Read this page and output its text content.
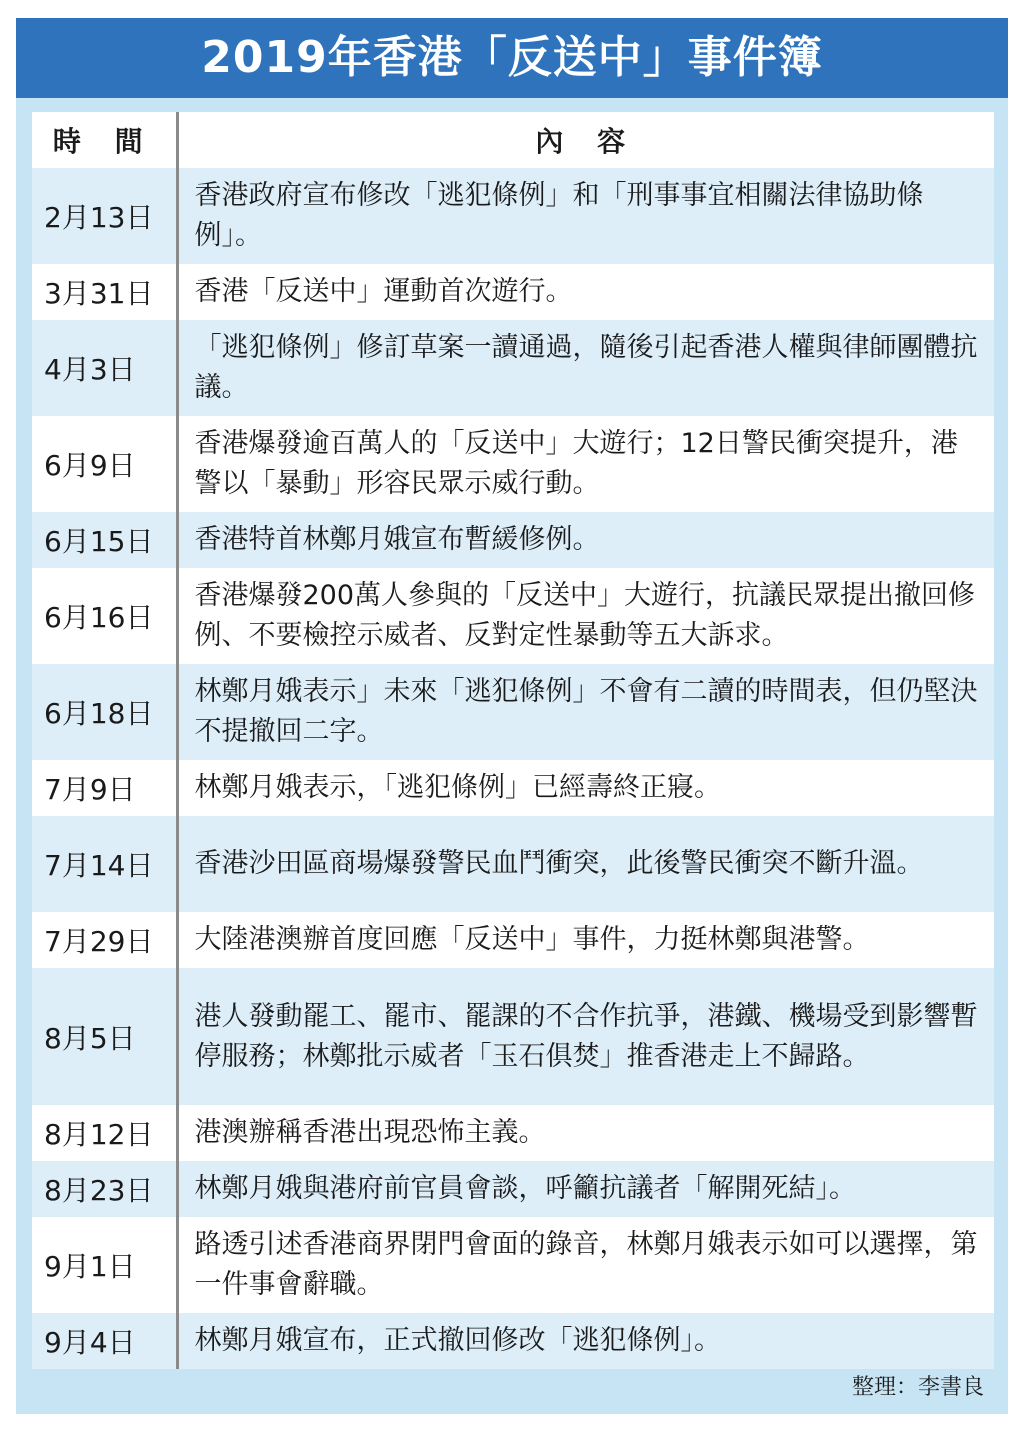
2019年香港「反送中」事件簿
時 間	內 容
2月13日	香港政府宣布修改「逃犯條例」和「刑事事宜相關法律協助條例」。
3月31日	香港「反送中」運動首次遊行。
4月3日	「逃犯條例」修訂草案一讀通過，隨後引起香港人權與律師團體抗議。
6月9日	香港爆發逾百萬人的「反送中」大遊行；12日警民衝突提升，港警以「暴動」形容民眾示威行動。
6月15日	香港特首林鄭月娥宣布暫緩修例。
6月16日	香港爆發200萬人參與的「反送中」大遊行，抗議民眾提出撤回修例、不要檢控示威者、反對定性暴動等五大訴求。
6月18日	林鄭月娥表示」未來「逃犯條例」不會有二讀的時間表，但仍堅決不提撤回二字。
7月9日	林鄭月娥表示，「逃犯條例」已經壽終正寢。
7月14日	香港沙田區商場爆發警民血鬥衝突，此後警民衝突不斷升溫。
7月29日	大陸港澳辦首度回應「反送中」事件，力挺林鄭與港警。
8月5日	港人發動罷工、罷市、罷課的不合作抗爭，港鐵、機場受到影響暫停服務；林鄭批示威者「玉石俱焚」推香港走上不歸路。
8月12日	港澳辦稱香港出現恐怖主義。
8月23日	林鄭月娥與港府前官員會談，呼籲抗議者「解開死結」。
9月1日	路透引述香港商界閉門會面的錄音，林鄭月娥表示如可以選擇，第一件事會辭職。
9月4日	林鄭月娥宣布，正式撤回修改「逃犯條例」。
整理：李書良
